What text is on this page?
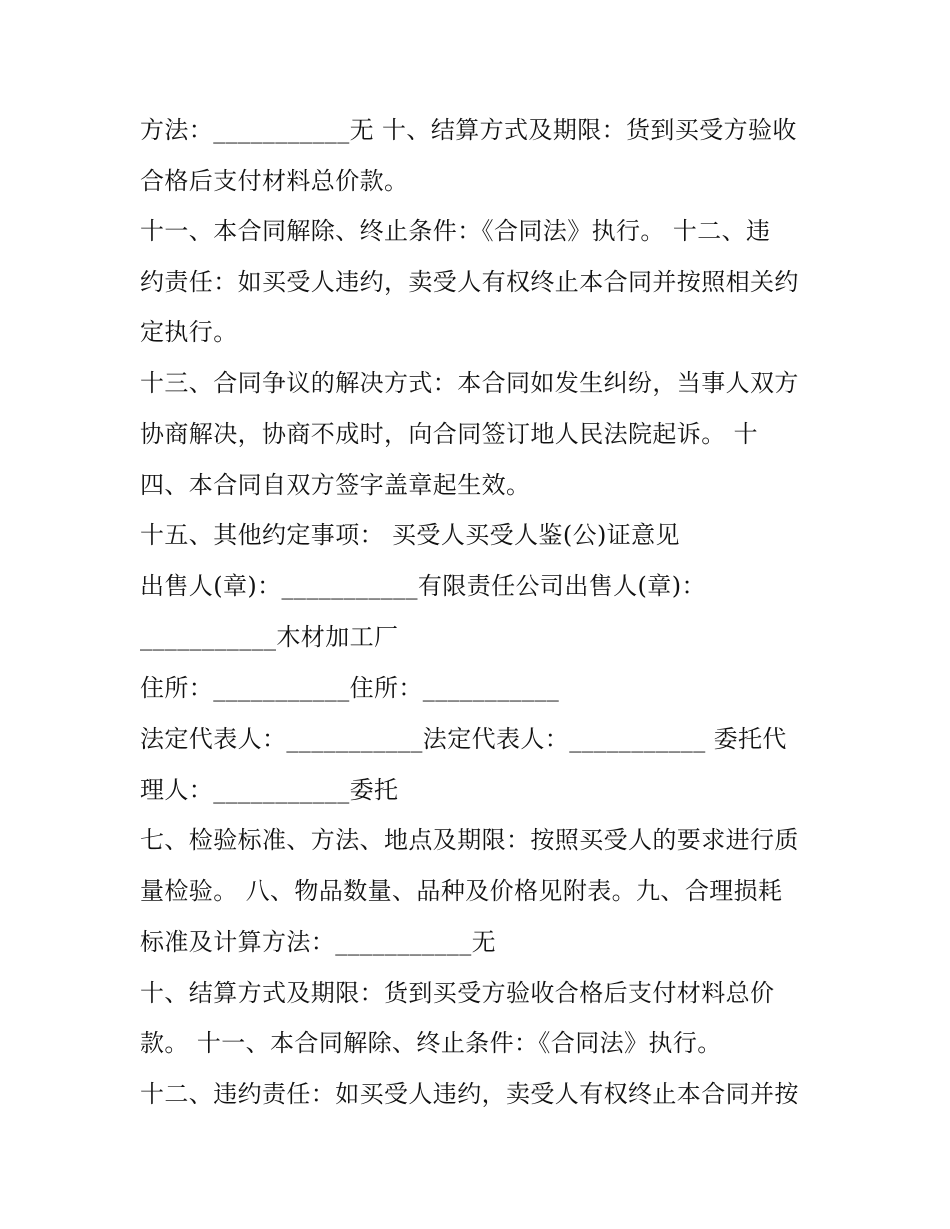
方法：___________无 十、结算方式及期限：货到买受方验收

合格后支付材料总价款。

十一、本合同解除、终止条件：《合同法》执行。 十二、违

约责任：如买受人违约，卖受人有权终止本合同并按照相关约

定执行。

十三、合同争议的解决方式：本合同如发生纠纷，当事人双方

协商解决，协商不成时，向合同签订地人民法院起诉。 十

四、本合同自双方签字盖章起生效。

十五、其他约定事项： 买受人买受人鉴(公)证意见

出售人(章)：___________有限责任公司出售人(章)：

___________木材加工厂

住所：___________住所：___________

法定代表人：___________法定代表人：___________ 委托代

理人：___________委托

七、检验标准、方法、地点及期限：按照买受人的要求进行质

量检验。 八、物品数量、品种及价格见附表。九、合理损耗

标准及计算方法：___________无

十、结算方式及期限：货到买受方验收合格后支付材料总价

款。 十一、本合同解除、终止条件：《合同法》执行。

十二、违约责任：如买受人违约，卖受人有权终止本合同并按
